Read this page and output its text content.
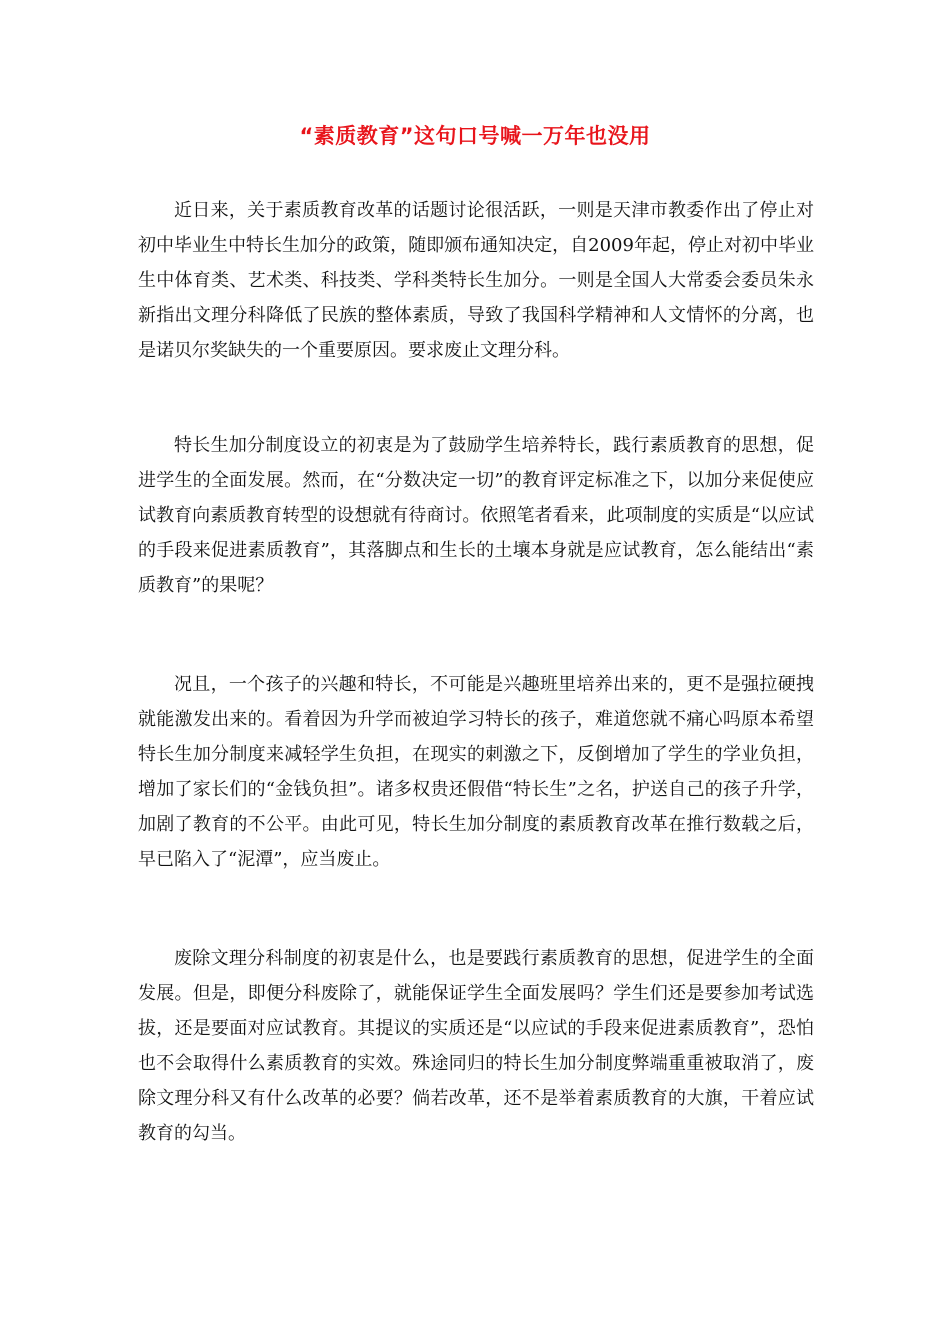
“素质教育”这句口号喊一万年也没用

近日来，关于素质教育改革的话题讨论很活跃，一则是天津市教委作出了停止对初中毕业生中特长生加分的政策，随即颁布通知决定，自2009年起，停止对初中毕业生中体育类、艺术类、科技类、学科类特长生加分。一则是全国人大常委会委员朱永新指出文理分科降低了民族的整体素质，导致了我国科学精神和人文情怀的分离，也是诺贝尔奖缺失的一个重要原因。要求废止文理分科。

特长生加分制度设立的初衷是为了鼓励学生培养特长，践行素质教育的思想，促进学生的全面发展。然而，在“分数决定一切”的教育评定标准之下，以加分来促使应试教育向素质教育转型的设想就有待商讨。依照笔者看来，此项制度的实质是“以应试的手段来促进素质教育”，其落脚点和生长的土壤本身就是应试教育，怎么能结出“素质教育”的果呢？

况且，一个孩子的兴趣和特长，不可能是兴趣班里培养出来的，更不是强拉硬拽就能激发出来的。看着因为升学而被迫学习特长的孩子，难道您就不痛心吗原本希望特长生加分制度来减轻学生负担，在现实的刺激之下，反倒增加了学生的学业负担，增加了家长们的“金钱负担”。诸多权贵还假借“特长生”之名，护送自己的孩子升学，加剧了教育的不公平。由此可见，特长生加分制度的素质教育改革在推行数载之后，早已陷入了“泥潭”，应当废止。

废除文理分科制度的初衷是什么，也是要践行素质教育的思想，促进学生的全面发展。但是，即便分科废除了，就能保证学生全面发展吗？学生们还是要参加考试选拔，还是要面对应试教育。其提议的实质还是“以应试的手段来促进素质教育”，恐怕也不会取得什么素质教育的实效。殊途同归的特长生加分制度弊端重重被取消了，废除文理分科又有什么改革的必要？倘若改革，还不是举着素质教育的大旗，干着应试教育的勾当。
